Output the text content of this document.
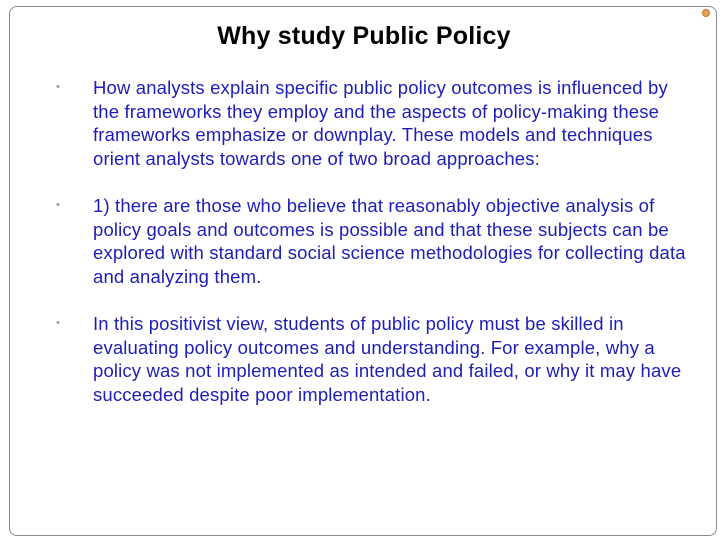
Why study Public Policy
•	How analysts explain specific public policy outcomes is influenced by the frameworks they employ and the aspects of policy-making these frameworks emphasize or downplay. These models and techniques orient analysts towards one of two broad approaches:
•	1) there are those who believe that reasonably objective analysis of policy goals and outcomes is possible and that these subjects can be explored with standard social science methodologies for collecting data and analyzing them.
•	In this positivist view, students of public policy must be skilled in evaluating policy outcomes and understanding. For example, why a policy was not implemented as intended and failed, or why it may have succeeded despite poor implementation.
